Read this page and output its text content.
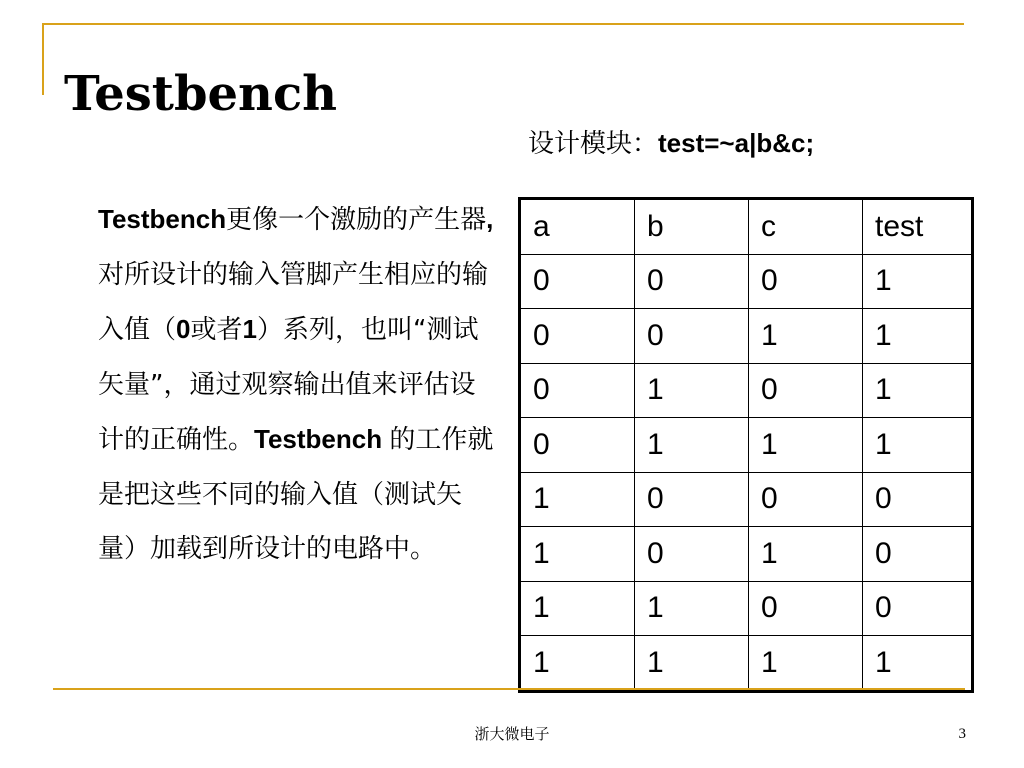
Testbench
设计模块：test=~a|b&c;
Testbench更像一个激励的产生器,对所设计的输入管脚产生相应的输入值（0或者1）系列，也叫“测试矢量”，通过观察输出值来评估设计的正确性。Testbench 的工作就是把这些不同的输入值（测试矢量）加载到所设计的电路中。
a	b	c	test
0	0	0	1
0	0	1	1
0	1	0	1
0	1	1	1
1	0	0	0
1	0	1	0
1	1	0	0
1	1	1	1
浙大微电子	3
